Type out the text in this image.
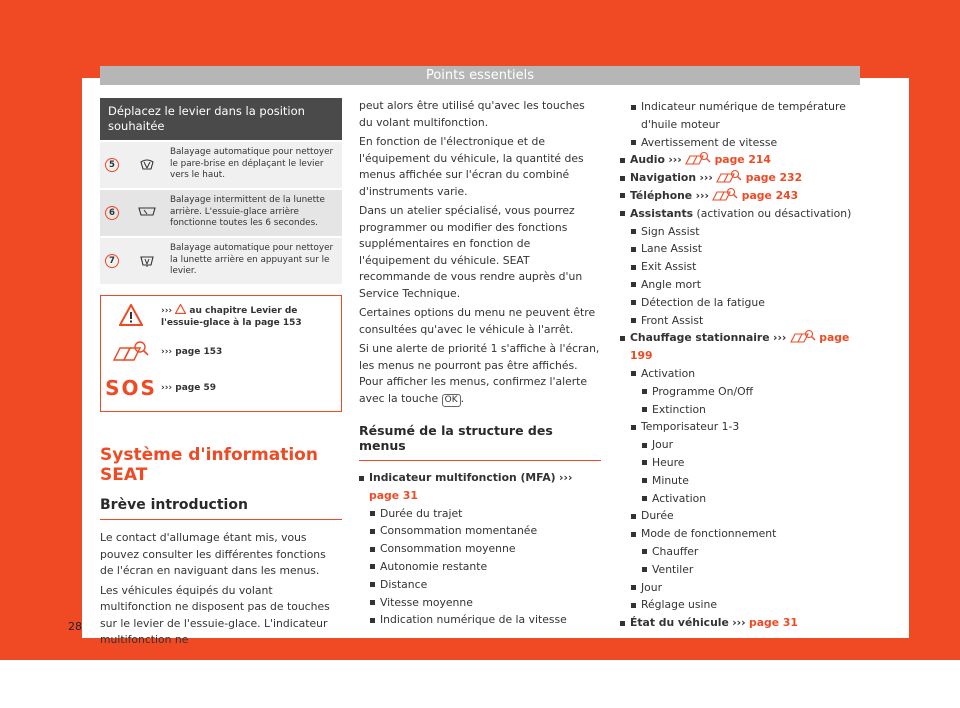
Points essentiels
Déplacez le levier dans la position souhaitée
5
Balayage automatique pour nettoyer le pare-brise en déplaçant le levier vers le haut.
6
Balayage intermittent de la lunette arrière. L'essuie-glace arrière fonctionne toutes les 6 secondes.
7
Balayage automatique pour nettoyer la lunette arrière en appuyant sur le levier.
››› au chapitre Levier de l'essuie-glace à la page 153
››› page 153
SOS ››› page 59
Système d'information SEAT
Brève introduction

Le contact d'allumage étant mis, vous pouvez consulter les différentes fonctions de l'écran en naviguant dans les menus.

Les véhicules équipés du volant multifonction ne disposent pas de touches sur le levier de l'essuie-glace. L'indicateur multifonction ne

peut alors être utilisé qu'avec les touches du volant multifonction.

En fonction de l'électronique et de l'équipement du véhicule, la quantité des menus affichée sur l'écran du combiné d'instruments varie.

Dans un atelier spécialisé, vous pourrez programmer ou modifier des fonctions supplémentaires en fonction de l'équipement du véhicule. SEAT recommande de vous rendre auprès d'un Service Technique.

Certaines options du menu ne peuvent être consultées qu'avec le véhicule à l'arrêt.

Si une alerte de priorité 1 s'affiche à l'écran, les menus ne pourront pas être affichés. Pour afficher les menus, confirmez l'alerte avec la touche OK .

Résumé de la structure des menus
Indicateur multifonction (MFA) ››› page 31
Durée du trajet
Consommation momentanée
Consommation moyenne
Autonomie restante
Distance
Vitesse moyenne
Indication numérique de la vitesse
Indicateur numérique de température d'huile moteur
Avertissement de vitesse
Audio ›››	page 214
Navigation ›››	page 232
Téléphone ›››	page 243
Assistants (activation ou désactivation)
Sign Assist
Lane Assist
Exit Assist
Angle mort
Détection de la fatigue
Front Assist
Chauffage stationnaire ›››	page 199
Activation
Programme On/Off
Extinction
Temporisateur 1-3
Jour
Heure
Minute
Activation
Durée
Mode de fonctionnement
Chauffer
Ventiler
Jour
Réglage usine
État du véhicule ››› page 31
28
